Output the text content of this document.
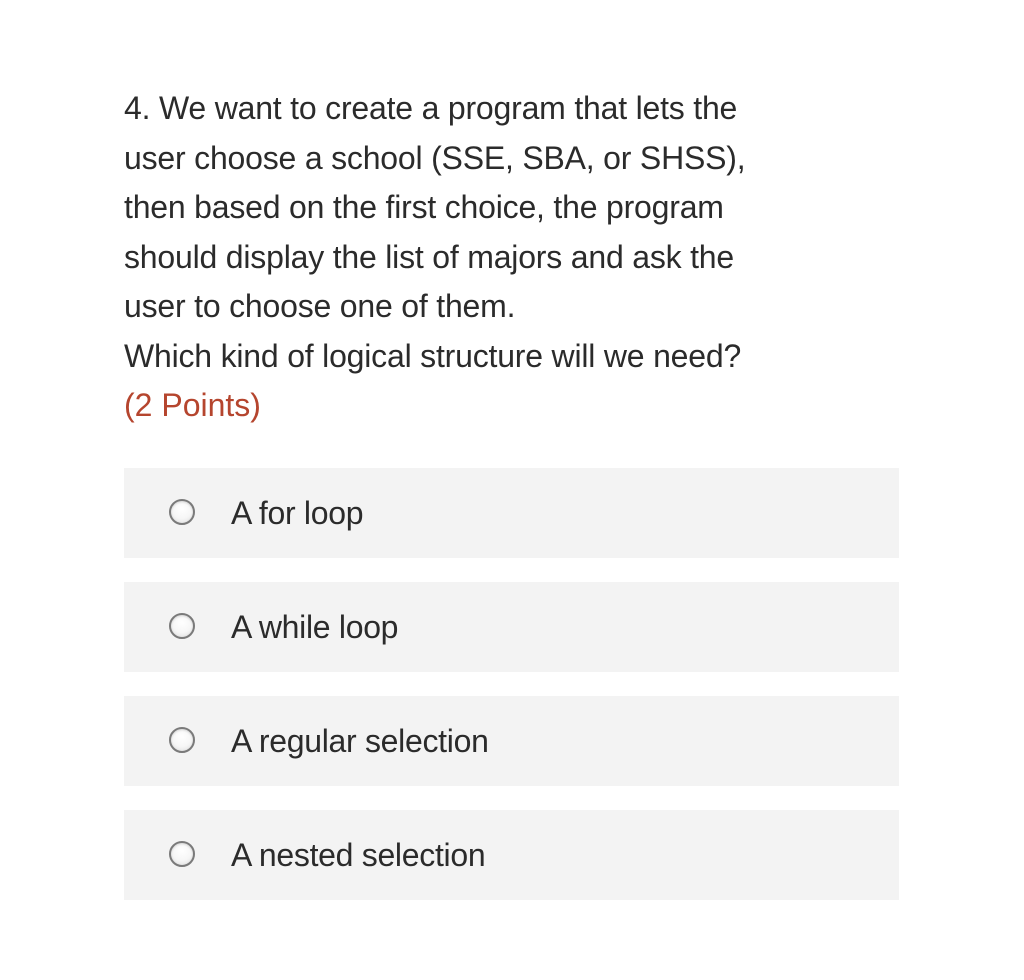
4. We want to create a program that lets the
user choose a school (SSE, SBA, or SHSS),
then based on the first choice, the program
should display the list of majors and ask the
user to choose one of them.
Which kind of logical structure will we need?
(2 Points)
A for loop
A while loop
A regular selection
A nested selection
